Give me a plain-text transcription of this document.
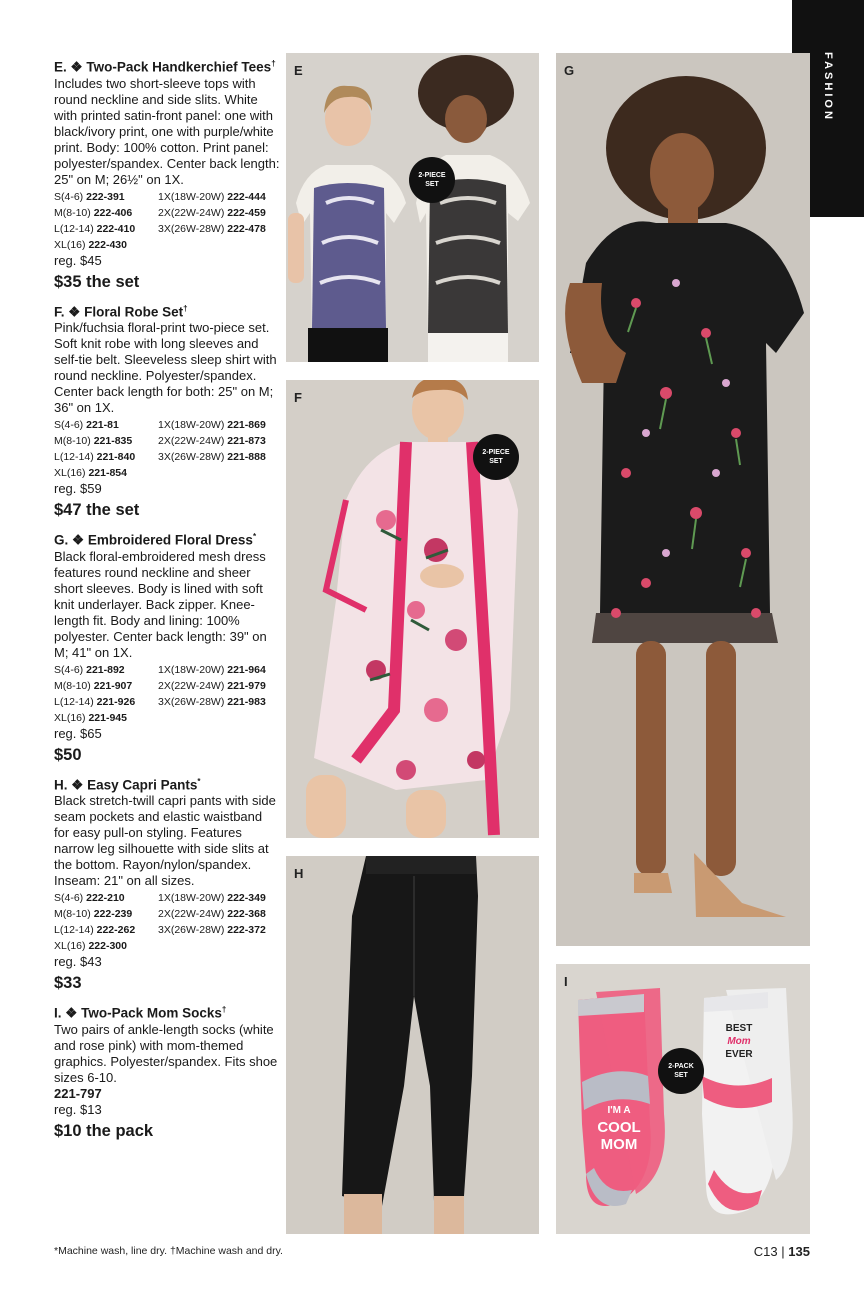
FASHION
E. ❖ Two-Pack Handkerchief Tees†
Includes two short-sleeve tops with round neckline and side slits. White with printed satin-front panel: one with black/ivory print, one with purple/white print. Body: 100% cotton. Print panel: polyester/spandex. Center back length: 25" on M; 26½" on 1X.
S(4-6) 222-391	1X(18W-20W) 222-444
M(8-10) 222-406	2X(22W-24W) 222-459
L(12-14) 222-410	3X(26W-28W) 222-478
XL(16) 222-430
reg. $45
$35 the set
F. ❖ Floral Robe Set†
Pink/fuchsia floral-print two-piece set. Soft knit robe with long sleeves and self-tie belt. Sleeveless sleep shirt with round neckline. Polyester/spandex. Center back length for both: 25" on M; 36" on 1X.
S(4-6) 221-81	1X(18W-20W) 221-869
M(8-10) 221-835	2X(22W-24W) 221-873
L(12-14) 221-840	3X(26W-28W) 221-888
XL(16) 221-854
reg. $59
$47 the set
G. ❖ Embroidered Floral Dress*
Black floral-embroidered mesh dress features round neckline and sheer short sleeves. Body is lined with soft knit underlayer. Back zipper. Knee-length fit. Body and lining: 100% polyester. Center back length: 39" on M; 41" on 1X.
S(4-6) 221-892	1X(18W-20W) 221-964
M(8-10) 221-907	2X(22W-24W) 221-979
L(12-14) 221-926	3X(26W-28W) 221-983
XL(16) 221-945
reg. $65
$50
H. ❖ Easy Capri Pants*
Black stretch-twill capri pants with side seam pockets and elastic waistband for easy pull-on styling. Features narrow leg silhouette with side slits at the bottom. Rayon/nylon/spandex. Inseam: 21" on all sizes.
S(4-6) 222-210	1X(18W-20W) 222-349
M(8-10) 222-239	2X(22W-24W) 222-368
L(12-14) 222-262	3X(26W-28W) 222-372
XL(16) 222-300
reg. $43
$33
I. ❖ Two-Pack Mom Socks†
Two pairs of ankle-length socks (white and rose pink) with mom-themed graphics. Polyester/spandex. Fits shoe sizes 6-10.
221-797
reg. $13
$10 the pack
*Machine wash, line dry. †Machine wash and dry.
E
2-PIECE
SET
F
2-PIECE
SET
G
H
I
I'M A
COOL
MOM
BEST
Mom
EVER
2-PACK
SET
C13 | 135
